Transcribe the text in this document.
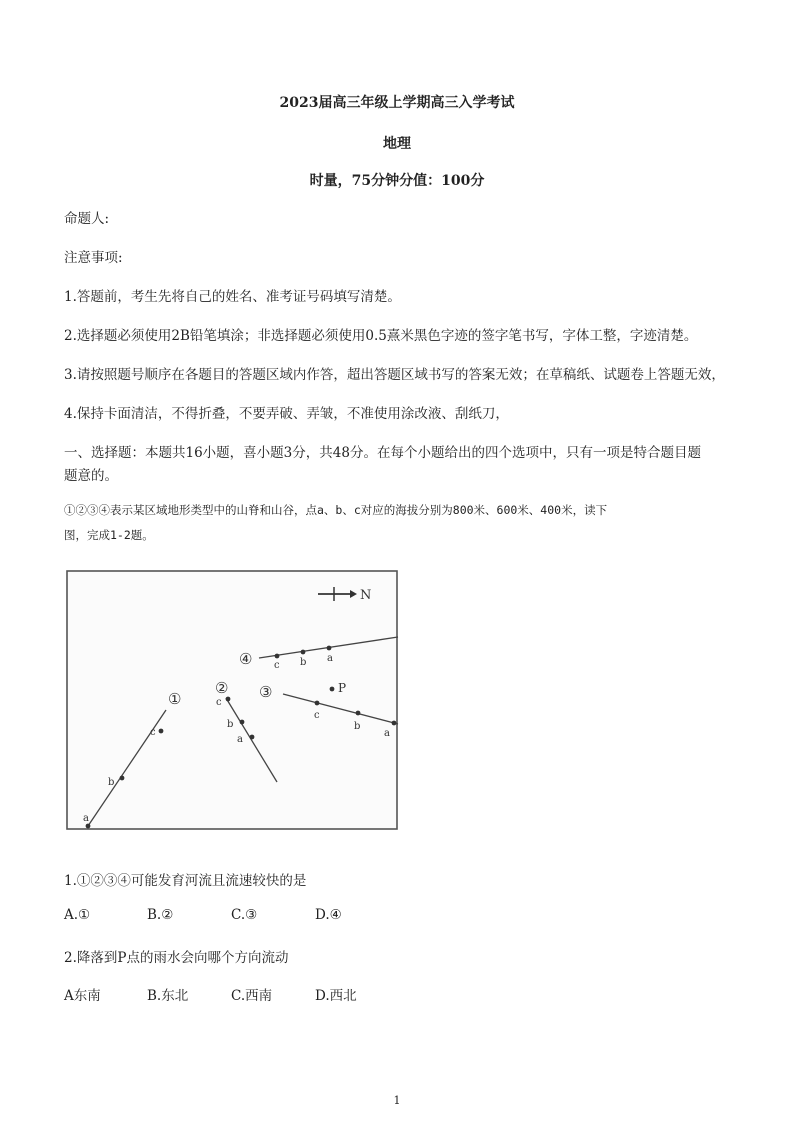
2023届高三年级上学期高三入学考试
地理
时量，75分钟分值：100分
命题人:
注意事项:
1.答题前，考生先将自己的姓名、准考证号码填写清楚。
2.选择题必须使用2B铅笔填涂；非选择题必须使用0.5熹米黑色字迹的签字笔书写，字体工整，字迹清楚。
3.请按照题号顺序在各题目的答题区域内作答，超出答题区域书写的答案无效；在草稿纸、试题卷上答题无效，
4.保持卡面清洁，不得折叠，不要弄破、弄皱，不准使用涂改液、刮纸刀，
一、选择题：本题共16小题，喜小题3分，共48分。在每个小题给出的四个选项中，只有一项是特合题目题
题意的。
①②③④表示某区域地形类型中的山脊和山谷，点a、b、c对应的海拔分别为800米、600米、400米，读下
图，完成1-2题。
N
a
b
c
①	c
b
a
②
c
b
a
③
c b a
④
P
1.①②③④可能发育河流且流速较快的是
A.①	B.②	C.③	D.④
2.降落到P点的雨水会向哪个方向流动
A东南	B.东北	C.西南	D.西北
1
